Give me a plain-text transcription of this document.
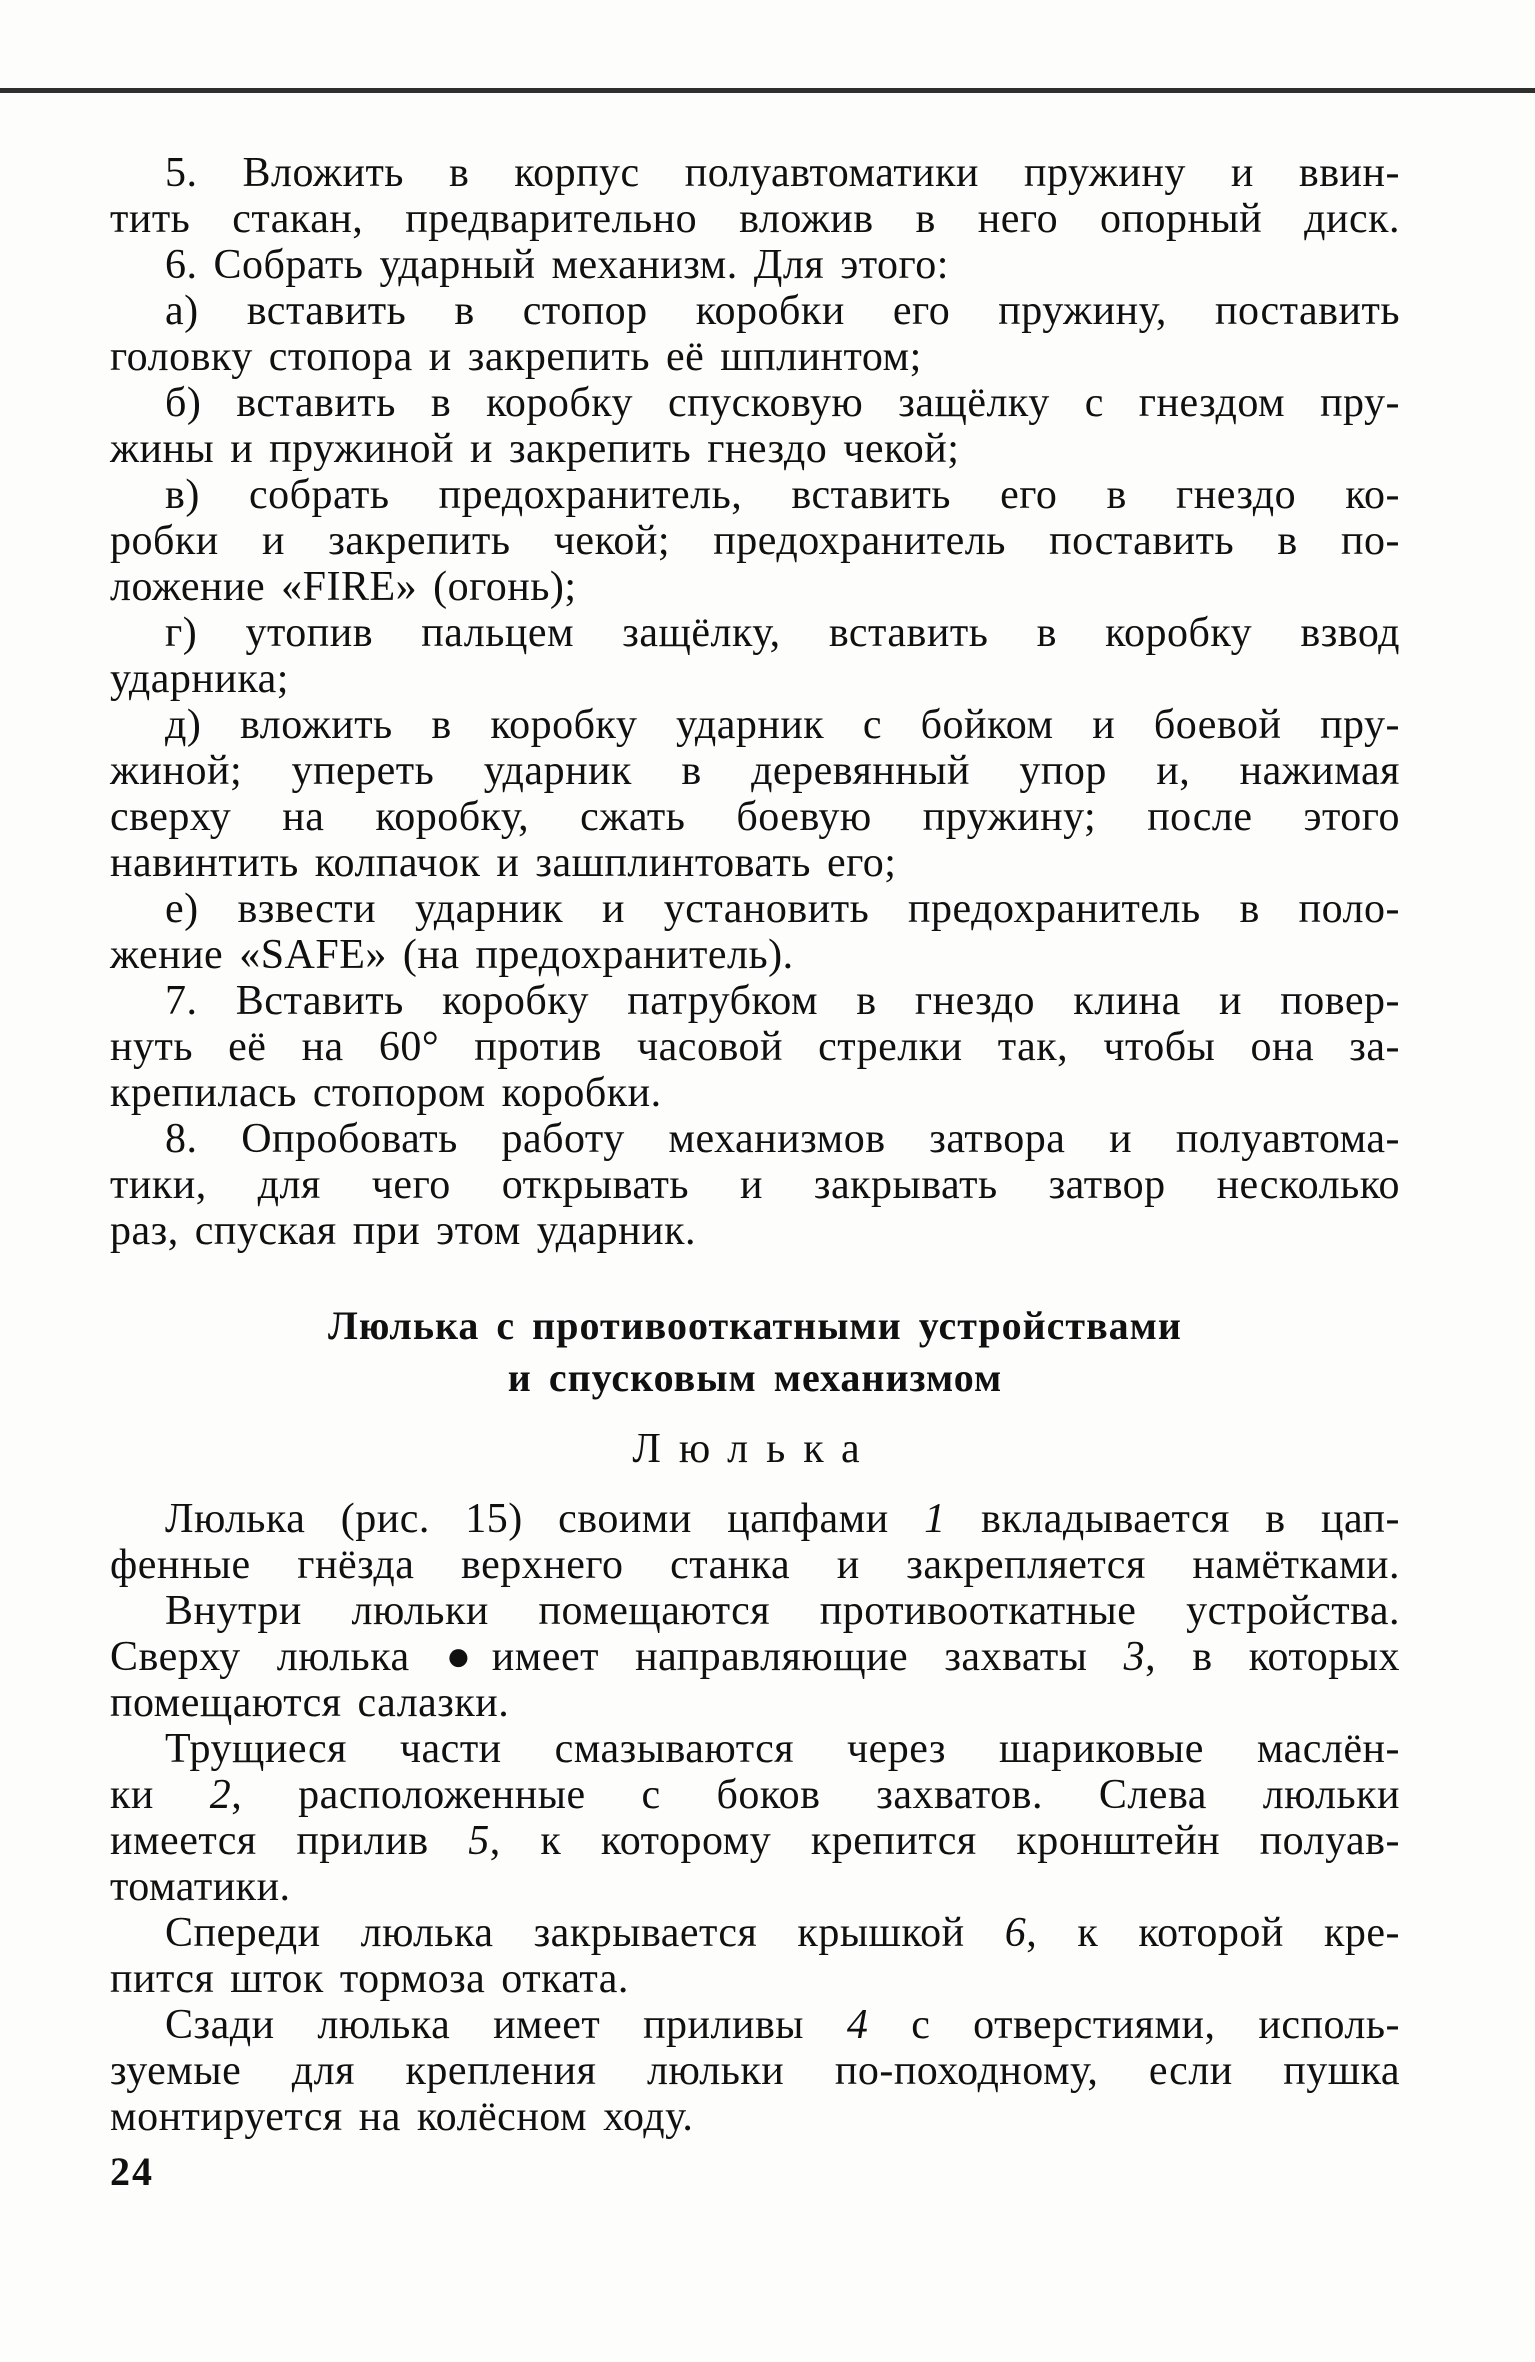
5. Вложить в корпус полуавтоматики пружину и ввин-
тить стакан, предварительно вложив в него опорный диск.
6. Собрать ударный механизм. Для этого:
а) вставить в стопор коробки его пружину, поставить
головку стопора и закрепить её шплинтом;
б) вставить в коробку спусковую защёлку с гнездом пру-
жины и пружиной и закрепить гнездо чекой;
в) собрать предохранитель, вставить его в гнездо ко-
робки и закрепить чекой; предохранитель поставить в по-
ложение «FIRE» (огонь);
г) утопив пальцем защёлку, вставить в коробку взвод
ударника;
д) вложить в коробку ударник с бойком и боевой пру-
жиной; упереть ударник в деревянный упор и, нажимая
сверху на коробку, сжать боевую пружину; после этого
навинтить колпачок и зашплинтовать его;
е) взвести ударник и установить предохранитель в поло-
жение «SAFE» (на предохранитель).
7. Вставить коробку патрубком в гнездо клина и повер-
нуть её на 60° против часовой стрелки так, чтобы она за-
крепилась стопором коробки.
8. Опробовать работу механизмов затвора и полуавтома-
тики, для чего открывать и закрывать затвор несколько
раз, спуская при этом ударник.
Люлька с противооткатными устройствами
и спусковым механизмом
Люлька
Люлька (рис. 15) своими цапфами 1 вкладывается в цап-
фенные гнёзда верхнего станка и закрепляется намётками.
Внутри люльки помещаются противооткатные устройства.
Сверху люлька ●имеет направляющие захваты 3, в которых
помещаются салазки.
Трущиеся части смазываются через шариковые маслён-
ки 2, расположенные с боков захватов. Слева люльки
имеется прилив 5, к которому крепится кронштейн полуав-
томатики.
Спереди люлька закрывается крышкой 6, к которой кре-
пится шток тормоза отката.
Сзади люлька имеет приливы 4 с отверстиями, исполь-
зуемые для крепления люльки по-походному, если пушка
монтируется на колёсном ходу.
24
